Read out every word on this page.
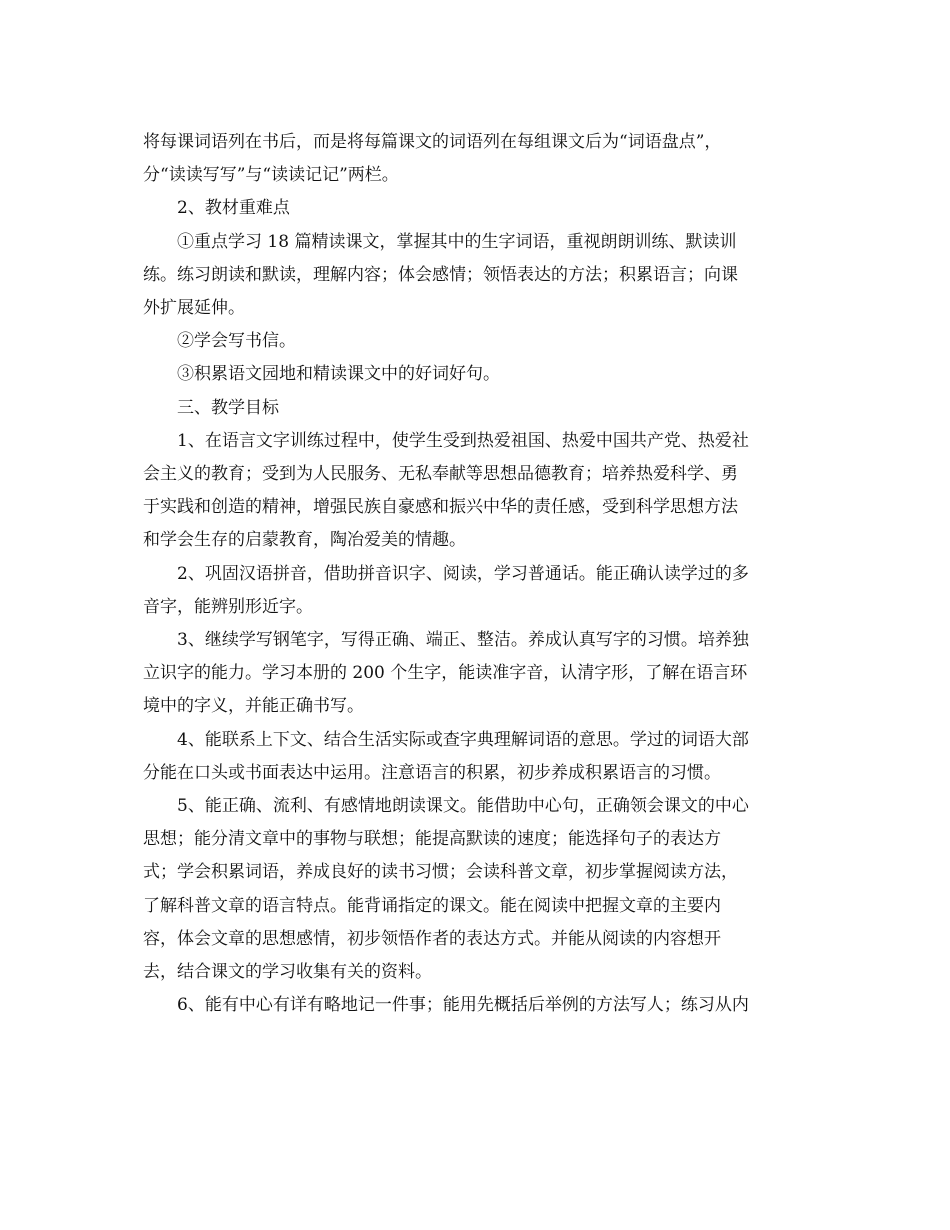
将每课词语列在书后，而是将每篇课文的词语列在每组课文后为“词语盘点”，
分“读读写写”与“读读记记”两栏。
2、教材重难点
①重点学习 18 篇精读课文，掌握其中的生字词语，重视朗朗训练、默读训
练。练习朗读和默读，理解内容；体会感情；领悟表达的方法；积累语言；向课
外扩展延伸。
②学会写书信。
③积累语文园地和精读课文中的好词好句。
三、教学目标
1、在语言文字训练过程中，使学生受到热爱祖国、热爱中国共产党、热爱社
会主义的教育；受到为人民服务、无私奉献等思想品德教育；培养热爱科学、勇
于实践和创造的精神，增强民族自豪感和振兴中华的责任感，受到科学思想方法
和学会生存的启蒙教育，陶冶爱美的情趣。
2、巩固汉语拼音，借助拼音识字、阅读，学习普通话。能正确认读学过的多
音字，能辨别形近字。
3、继续学写钢笔字，写得正确、端正、整洁。养成认真写字的习惯。培养独
立识字的能力。学习本册的 200 个生字，能读准字音，认清字形，了解在语言环
境中的字义，并能正确书写。
4、能联系上下文、结合生活实际或查字典理解词语的意思。学过的词语大部
分能在口头或书面表达中运用。注意语言的积累，初步养成积累语言的习惯。
5、能正确、流利、有感情地朗读课文。能借助中心句，正确领会课文的中心
思想；能分清文章中的事物与联想；能提高默读的速度；能选择句子的表达方
式；学会积累词语，养成良好的读书习惯；会读科普文章，初步掌握阅读方法，
了解科普文章的语言特点。能背诵指定的课文。能在阅读中把握文章的主要内
容，体会文章的思想感情，初步领悟作者的表达方式。并能从阅读的内容想开
去，结合课文的学习收集有关的资料。
6、能有中心有详有略地记一件事；能用先概括后举例的方法写人；练习从内
